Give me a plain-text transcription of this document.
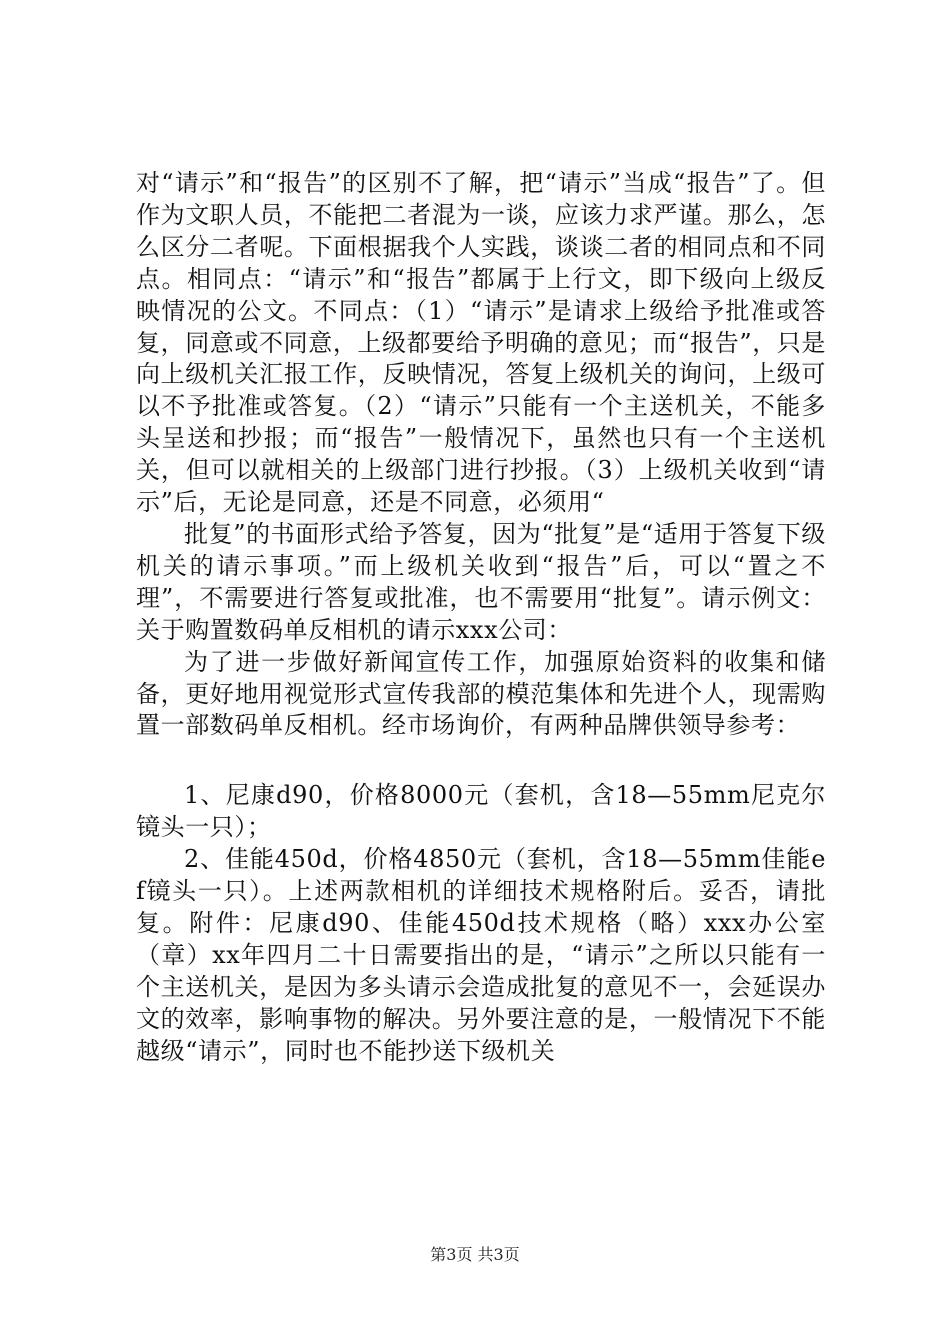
对“请示”和“报告”的区别不了解，把“请示”当成“报告”了。但作为文职人员，不能把二者混为一谈，应该力求严谨。那么，怎么区分二者呢。下面根据我个人实践，谈谈二者的相同点和不同点。相同点：“请示”和“报告”都属于上行文，即下级向上级反映情况的公文。不同点：（1）“请示”是请求上级给予批准或答复，同意或不同意，上级都要给予明确的意见；而“报告”，只是向上级机关汇报工作，反映情况，答复上级机关的询问，上级可以不予批准或答复。（2）“请示”只能有一个主送机关，不能多头呈送和抄报；而“报告”一般情况下，虽然也只有一个主送机关，但可以就相关的上级部门进行抄报。（3）上级机关收到“请示”后，无论是同意，还是不同意，必须用“

批复”的书面形式给予答复，因为“批复”是“适用于答复下级机关的请示事项。”而上级机关收到“报告”后，可以“置之不理”，不需要进行答复或批准，也不需要用“批复”。请示例文：关于购置数码单反相机的请示xxx公司：

为了进一步做好新闻宣传工作，加强原始资料的收集和储备，更好地用视觉形式宣传我部的模范集体和先进个人，现需购置一部数码单反相机。经市场询价，有两种品牌供领导参考：

1、尼康d90，价格8000元（套机，含18—55mm尼克尔镜头一只）；

2、佳能450d，价格4850元（套机，含18—55mm佳能ef镜头一只）。上述两款相机的详细技术规格附后。妥否，请批复。附件：尼康d90、佳能450d技术规格（略）xxx办公室（章）xx年四月二十日需要指出的是，“请示”之所以只能有一个主送机关，是因为多头请示会造成批复的意见不一，会延误办文的效率，影响事物的解决。另外要注意的是，一般情况下不能越级“请示”，同时也不能抄送下级机关

第3页 共3页
